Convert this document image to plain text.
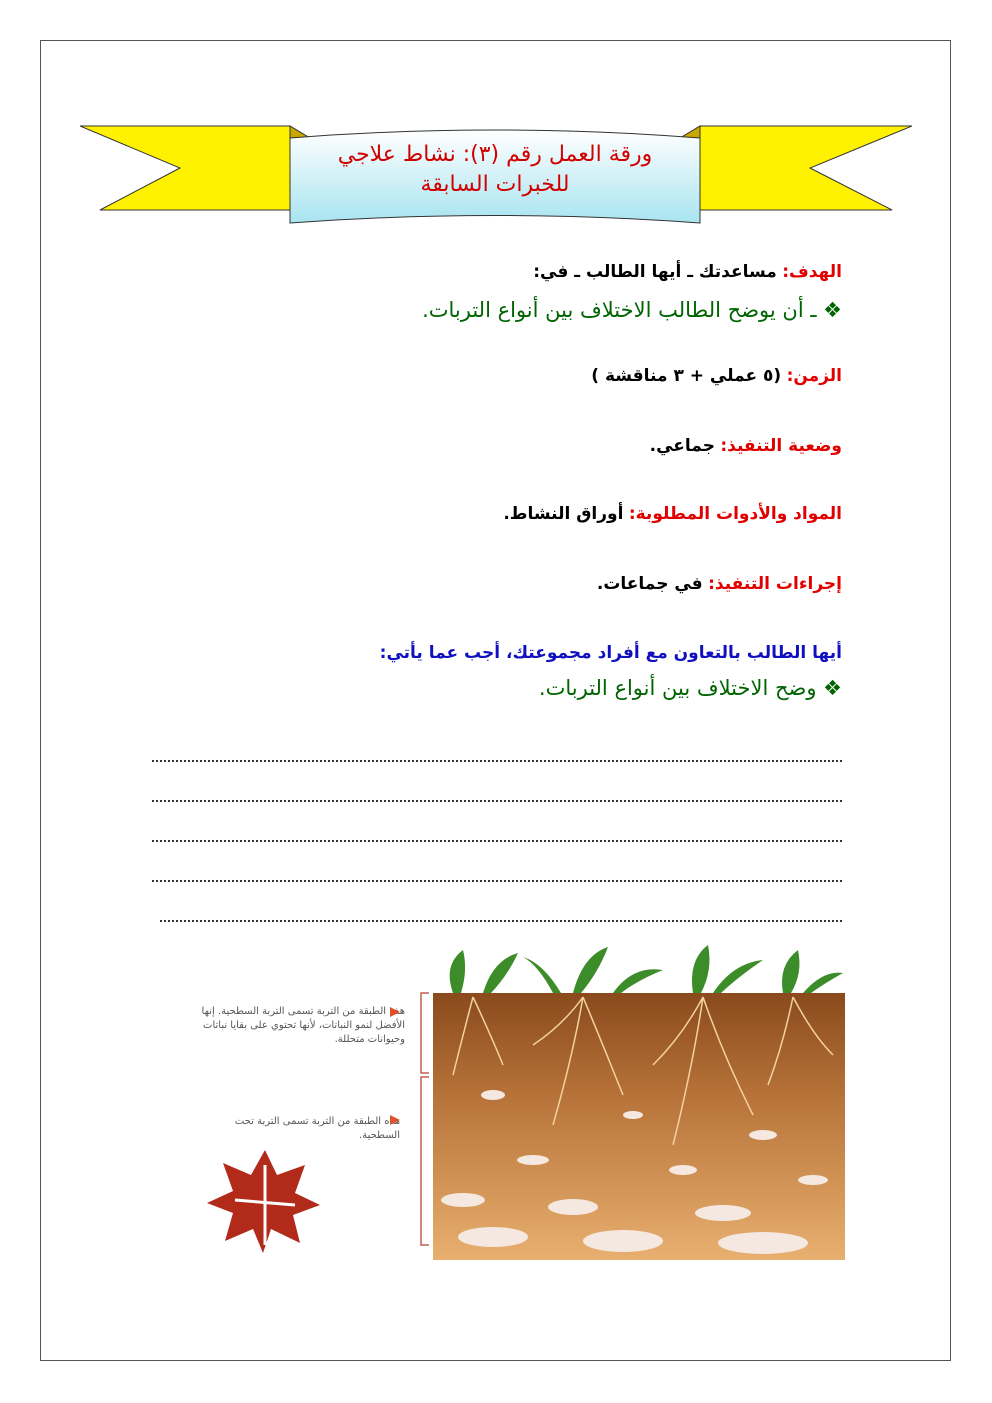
ورقة العمل رقم (٣): نشاط علاجي
للخبرات السابقة
الهدف: مساعدتك ـ أيها الطالب ـ في:
❖ ـ أن يوضح الطالب الاختلاف بين أنواع التربات.
الزمن: (٥ عملي + ٣ مناقشة )
وضعية التنفيذ: جماعي.
المواد والأدوات المطلوبة: أوراق النشاط.
إجراءات التنفيذ: في جماعات.
أيها الطالب بالتعاون مع أفراد مجموعتك، أجب عما يأتي:
❖ وضح الاختلاف بين أنواع التربات.
هذه الطبقة من التربة تسمى التربة السطحية. إنها الأفضل لنمو النباتات، لأنها تحتوي على بقايا نباتات وحيوانات متحللة.
هذه الطبقة من التربة تسمى التربة تحت السطحية.
